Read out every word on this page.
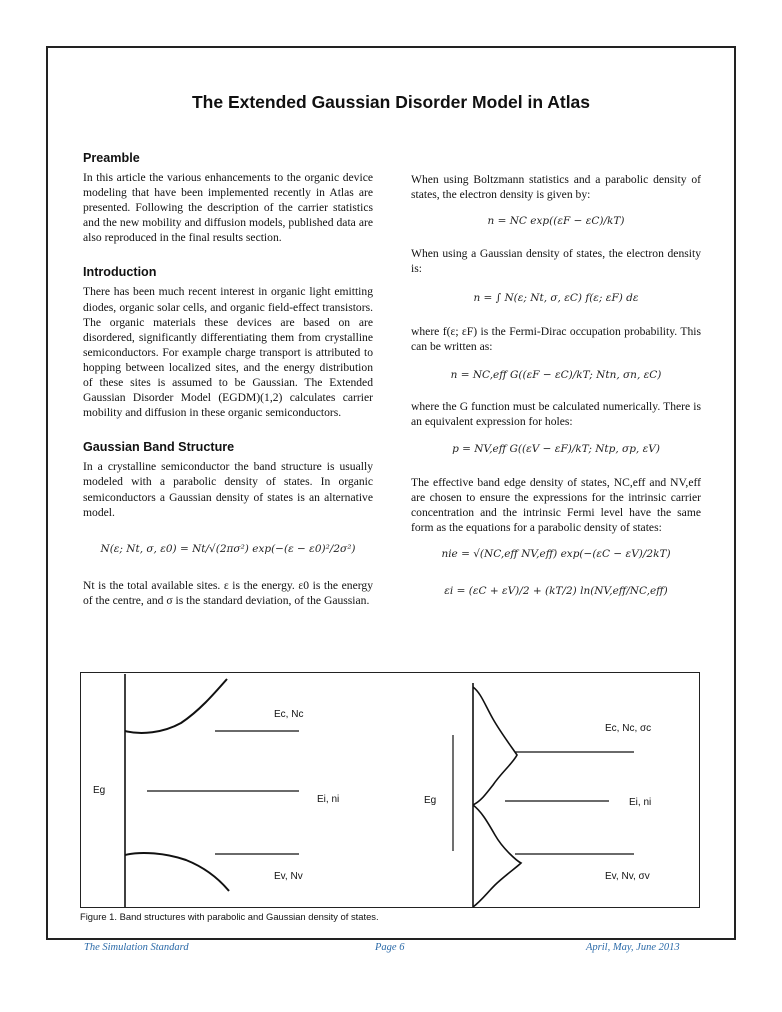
The Extended Gaussian Disorder Model in Atlas
Preamble

In this article the various enhancements to the organic device modeling that have been implemented recently in Atlas are presented. Following the description of the carrier statistics and the new mobility and diffusion models, published data are also reproduced in the final results section.

Introduction

There has been much recent interest in organic light emitting diodes, organic solar cells, and organic field-effect transistors. The organic materials these devices are based on are disordered, significantly differentiating them from crystalline semiconductors. For example charge transport is attributed to hopping between localized sites, and the energy distribution of these sites is assumed to be Gaussian. The Extended Gaussian Disorder Model (EGDM)(1,2) calculates carrier mobility and diffusion in these organic semiconductors.

Gaussian Band Structure

In a crystalline semiconductor the band structure is usually modeled with a parabolic density of states. In organic semiconductors a Gaussian density of states is an alternative model.

N(ε; Nt, σ, ε0) = Nt/√(2πσ²) exp(−(ε − ε0)²/2σ²)

Nt is the total available sites. ε is the energy. ε0 is the energy of the centre, and σ is the standard deviation, of the Gaussian.

When using Boltzmann statistics and a parabolic density of states, the electron density is given by:

n = NC exp((εF − εC)/kT)

When using a Gaussian density of states, the electron density is:

n = ∫ N(ε; Nt, σ, εC) f(ε; εF) dε

where f(ε; εF) is the Fermi-Dirac occupation probability. This can be written as:

n = NC,eff G((εF − εC)/kT; Ntn, σn, εC)

where the G function must be calculated numerically. There is an equivalent expression for holes:

p = NV,eff G((εV − εF)/kT; Ntp, σp, εV)

The effective band edge density of states, NC,eff and NV,eff are chosen to ensure the expressions for the intrinsic carrier concentration and the intrinsic Fermi level have the same form as the equations for a parabolic density of states:

nie = √(NC,eff NV,eff) exp(−(εC − εV)/2kT)
εi = (εC + εV)/2 + (kT/2) ln(NV,eff/NC,eff)
Ec, Nc
Eg
Ei, ni
Ev, Nv
Ec, Nc, σc
Eg	Ei, ni
Ev, Nv, σv
Figure 1. Band structures with parabolic and Gaussian density of states.
The Simulation Standard	Page 6	April, May, June 2013
